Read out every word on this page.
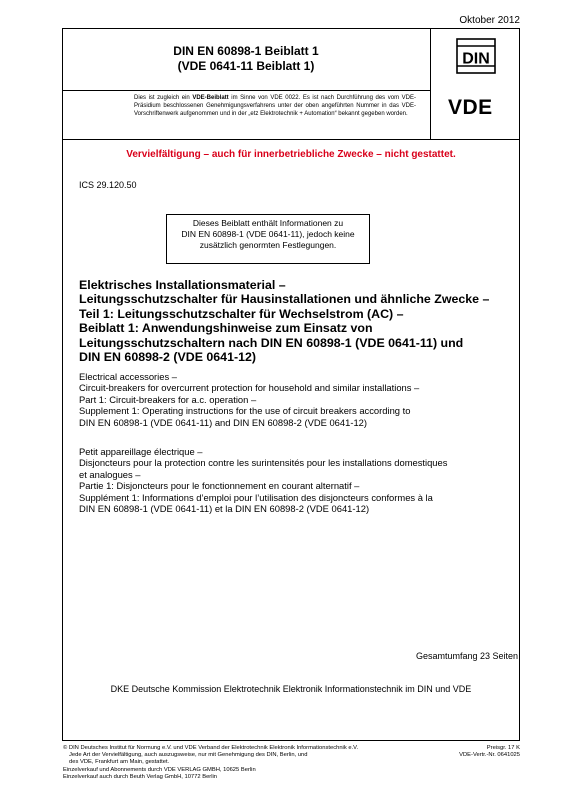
Oktober 2012
DIN EN 60898-1 Beiblatt 1
(VDE 0641-11 Beiblatt 1)
Dies ist zugleich ein VDE-Beiblatt im Sinne von VDE 0022. Es ist nach Durchführung des vom VDE-Präsidium beschlossenen Genehmigungsverfahrens unter der oben angeführten Nummer in das VDE-Vorschriftenwerk aufgenommen und in der „etz Elektrotechnik + Automation“ bekannt gegeben worden.
DIN
VDE
Vervielfältigung – auch für innerbetriebliche Zwecke – nicht gestattet.
ICS 29.120.50
Dieses Beiblatt enthält Informationen zu
DIN EN 60898-1 (VDE 0641-11), jedoch keine
zusätzlich genormten Festlegungen.
Elektrisches Installationsmaterial –
Leitungsschutzschalter für Hausinstallationen und ähnliche Zwecke –
Teil 1: Leitungsschutzschalter für Wechselstrom (AC) –
Beiblatt 1: Anwendungshinweise zum Einsatz von
Leitungsschutzschaltern nach DIN EN 60898-1 (VDE 0641-11) und
DIN EN 60898-2 (VDE 0641-12)
Electrical accessories –
Circuit-breakers for overcurrent protection for household and similar installations –
Part 1: Circuit-breakers for a.c. operation –
Supplement 1: Operating instructions for the use of circuit breakers according to
DIN EN 60898-1 (VDE 0641-11) and DIN EN 60898-2 (VDE 0641-12)
Petit appareillage électrique –
Disjoncteurs pour la protection contre les surintensités pour les installations domestiques
et analogues –
Partie 1: Disjoncteurs pour le fonctionnement en courant alternatif –
Supplément 1: Informations d’emploi pour l’utilisation des disjoncteurs conformes à la
DIN EN 60898-1 (VDE 0641-11) et la DIN EN 60898-2 (VDE 0641-12)
Gesamtumfang 23 Seiten
DKE Deutsche Kommission Elektrotechnik Elektronik Informationstechnik im DIN und VDE
© DIN Deutsches Institut für Normung e.V. und VDE Verband der Elektrotechnik Elektronik Informationstechnik e.V.
Jede Art der Vervielfältigung, auch auszugsweise, nur mit Genehmigung des DIN, Berlin, und
des VDE, Frankfurt am Main, gestattet.
Einzelverkauf und Abonnements durch VDE VERLAG GMBH, 10625 Berlin
Einzelverkauf auch durch Beuth Verlag GmbH, 10772 Berlin
Preisgr. 17 K
VDE-Vertr.-Nr. 0641025
